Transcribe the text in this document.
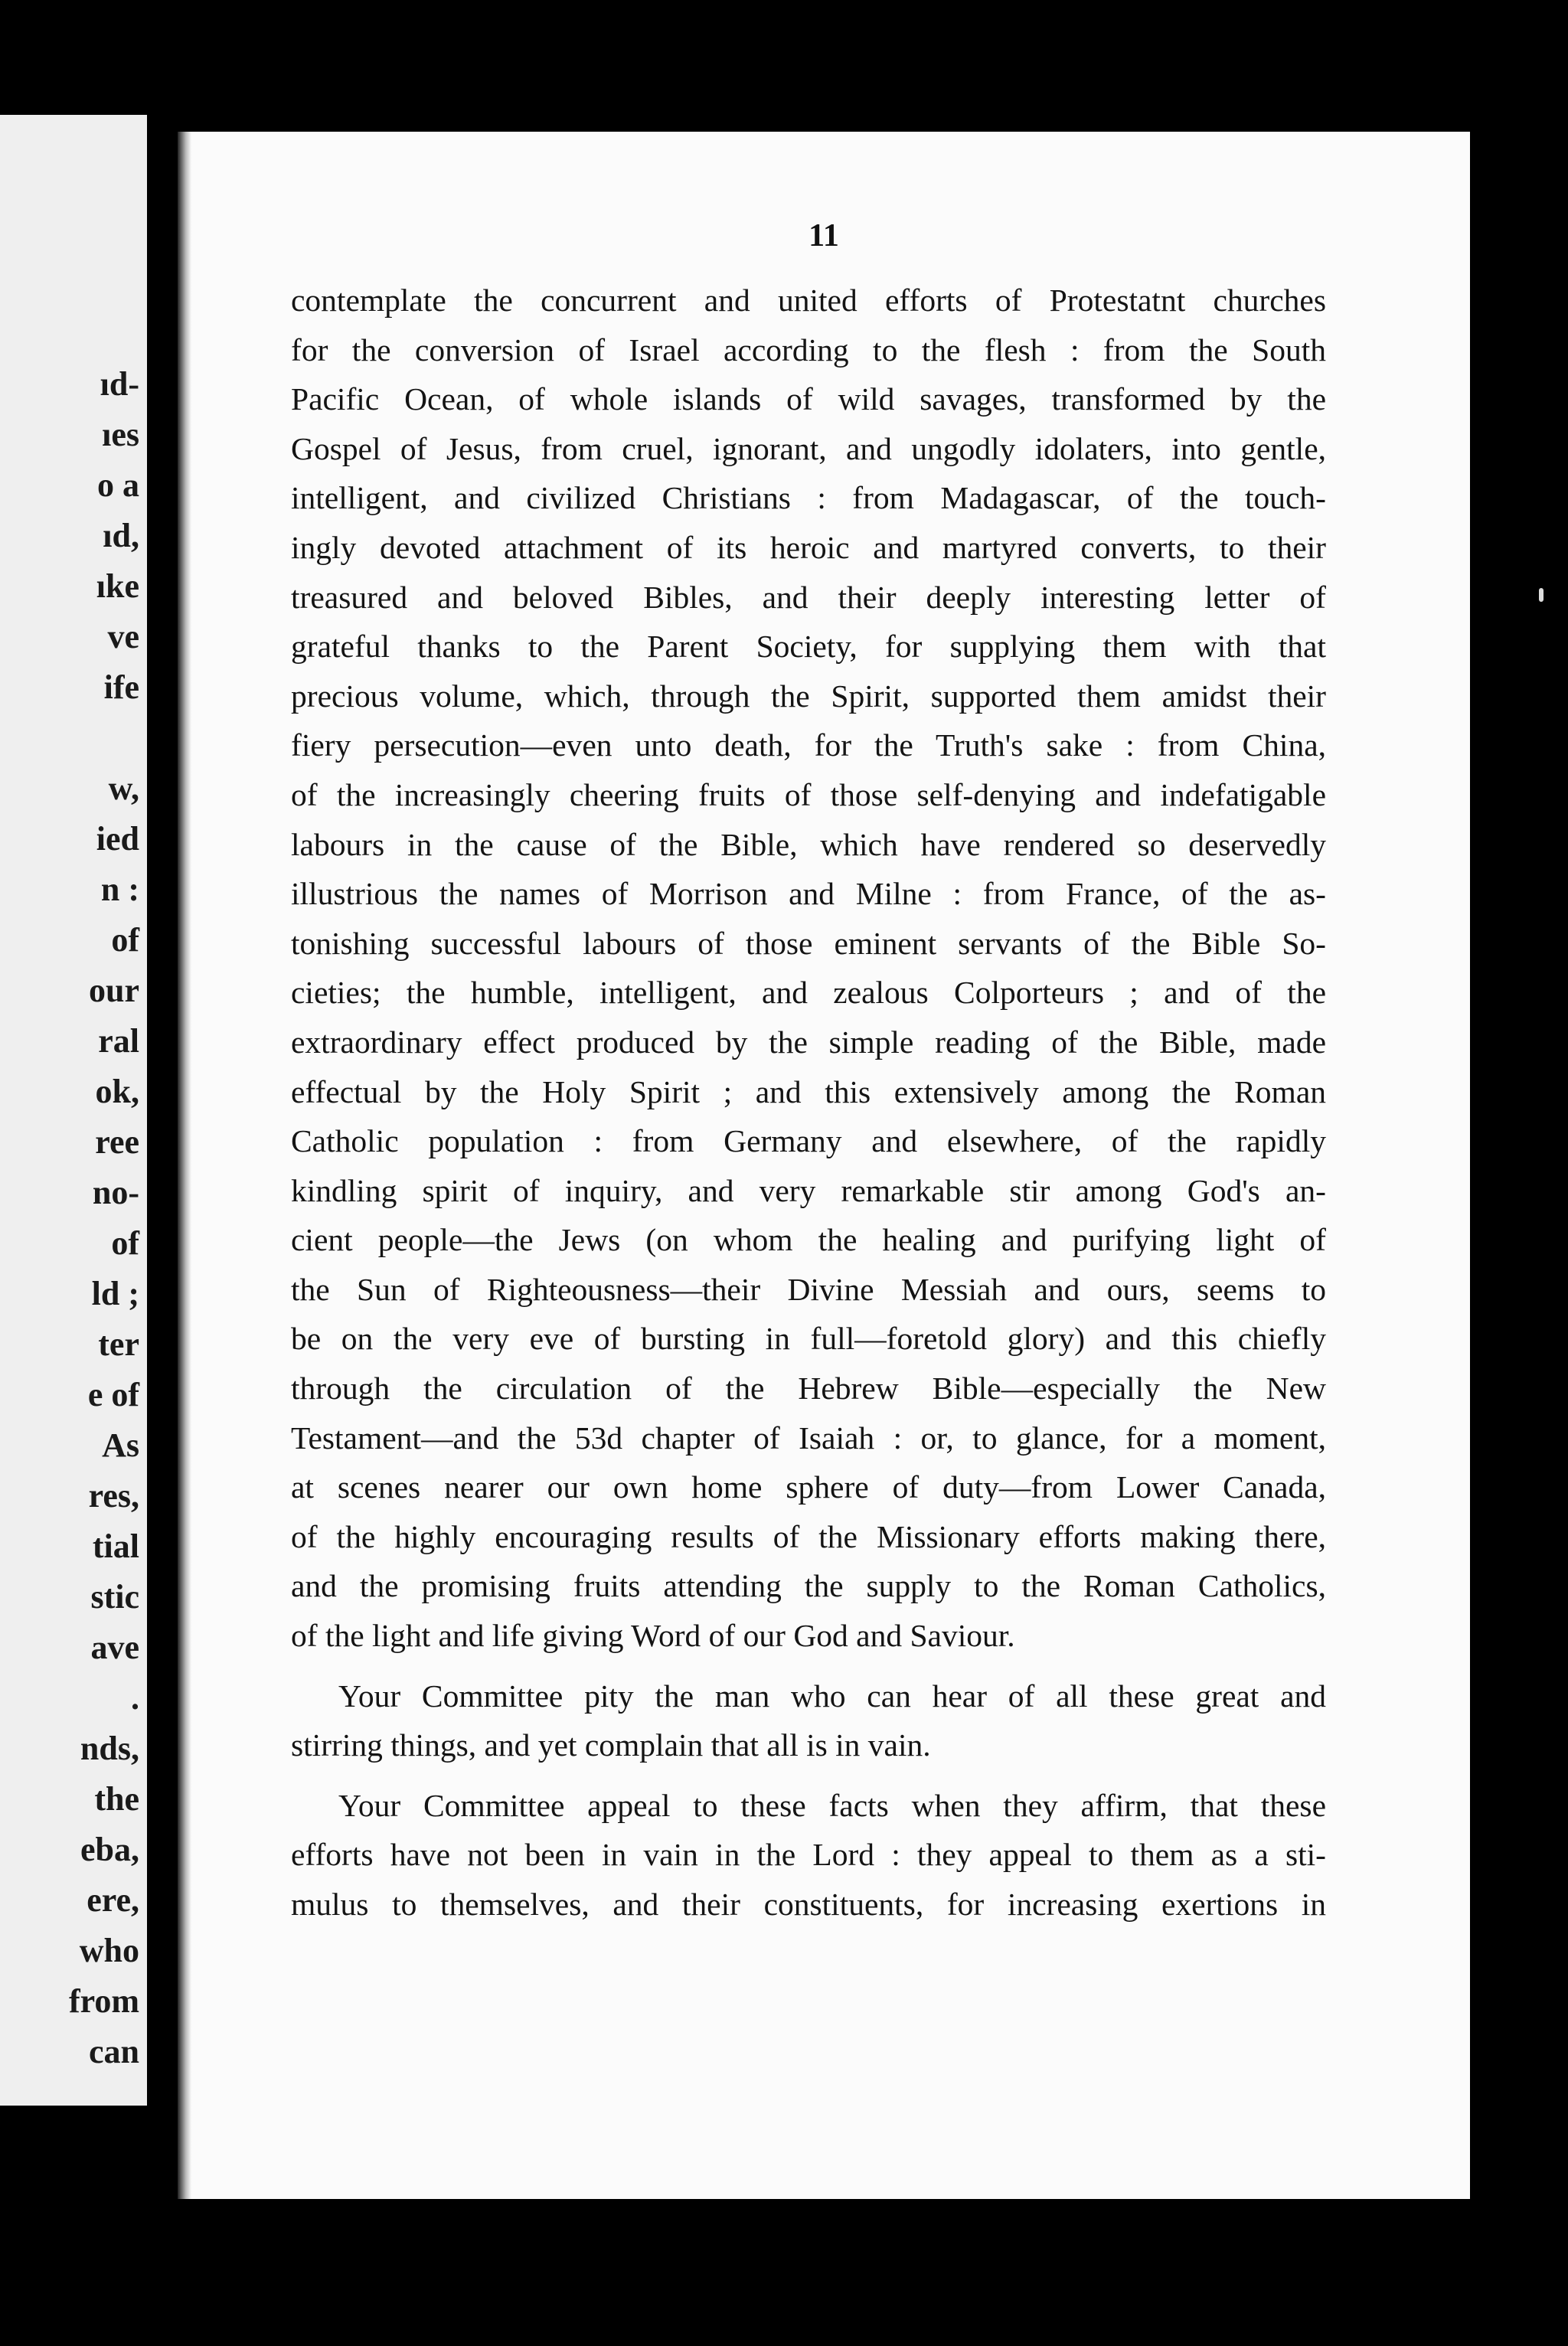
ıd-
ıes
o a
ıd,
ıke
ve
ife
w,
ied
n :
of
our
ral
ok,
ree
no-
of
ld ;
ter
e of
As
res,
tial
stic
ave
.
nds,
the
eba,
ere,
who
from
can
11
contemplate the concurrent and united efforts of Protestatnt churches
for the conversion of Israel according to the flesh : from the South
Pacific Ocean, of whole islands of wild savages, transformed by the
Gospel of Jesus, from cruel, ignorant, and ungodly idolaters, into gentle,
intelligent, and civilized Christians : from Madagascar, of the touch-
ingly devoted attachment of its heroic and martyred converts, to their
treasured and beloved Bibles, and their deeply interesting letter of
grateful thanks to the Parent Society, for supplying them with that
precious volume, which, through the Spirit, supported them amidst their
fiery persecution—even unto death, for the Truth's sake : from China,
of the increasingly cheering fruits of those self-denying and indefatigable
labours in the cause of the Bible, which have rendered so deservedly
illustrious the names of Morrison and Milne : from France, of the as-
tonishing successful labours of those eminent servants of the Bible So-
cieties; the humble, intelligent, and zealous Colporteurs ; and of the
extraordinary effect produced by the simple reading of the Bible, made
effectual by the Holy Spirit ; and this extensively among the Roman
Catholic population : from Germany and elsewhere, of the rapidly
kindling spirit of inquiry, and very remarkable stir among God's an-
cient people—the Jews (on whom the healing and purifying light of
the Sun of Righteousness—their Divine Messiah and ours, seems to
be on the very eve of bursting in full—foretold glory) and this chiefly
through the circulation of the Hebrew Bible—especially the New
Testament—and the 53d chapter of Isaiah : or, to glance, for a moment,
at scenes nearer our own home sphere of duty—from Lower Canada,
of the highly encouraging results of the Missionary efforts making there,
and the promising fruits attending the supply to the Roman Catholics,
of the light and life giving Word of our God and Saviour.
Your Committee pity the man who can hear of all these great and
stirring things, and yet complain that all is in vain.
Your Committee appeal to these facts when they affirm, that these
efforts have not been in vain in the Lord : they appeal to them as a sti-
mulus to themselves, and their constituents, for increasing exertions in
